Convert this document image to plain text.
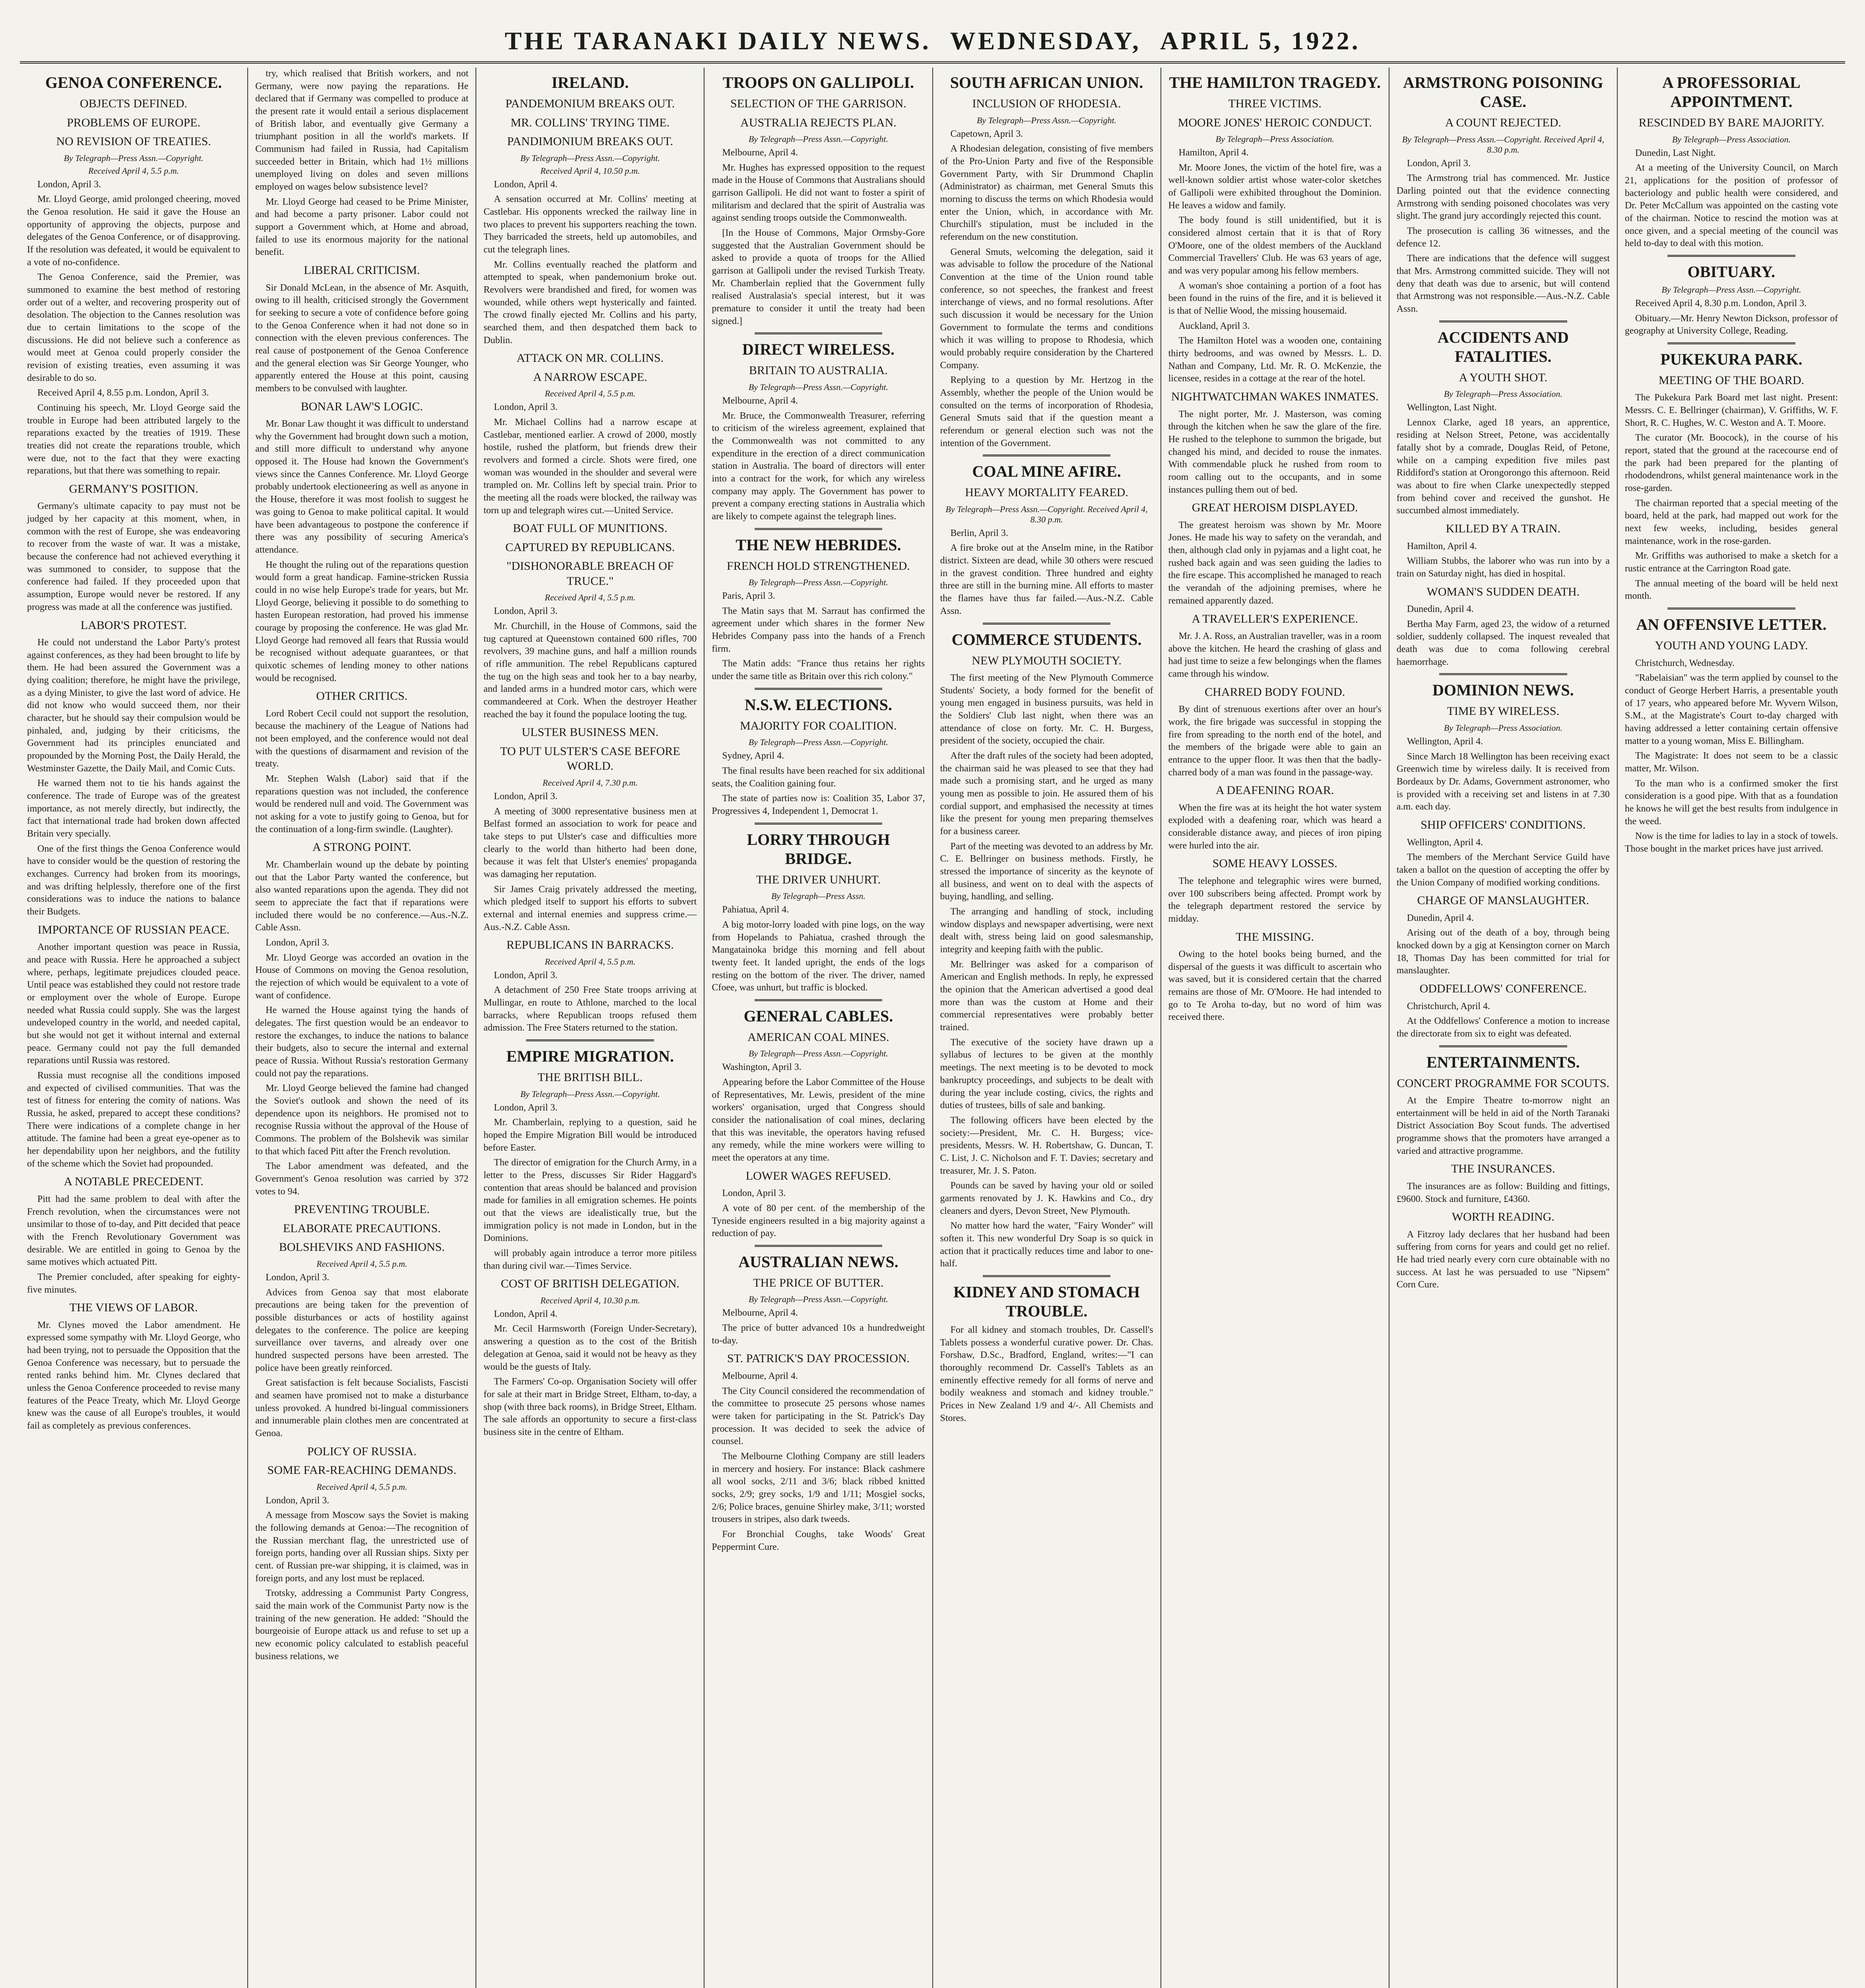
THE TARANAKI DAILY NEWS. WEDNESDAY, APRIL 5, 1922.
GENOA CONFERENCE.
OBJECTS DEFINED.
PROBLEMS OF EUROPE.
NO REVISION OF TREATIES.
By Telegraph—Press Assn.—Copyright.
Received April 4, 5.5 p.m.
London, April 3.
Mr. Lloyd George, amid prolonged cheering, moved the Genoa resolution. He said it gave the House an opportunity of approving the objects, purpose and delegates of the Genoa Conference, or of disapproving. If the resolution was defeated, it would be equivalent to a vote of no-confidence.
The Genoa Conference, said the Premier, was summoned to examine the best method of restoring order out of a welter, and recovering prosperity out of desolation. The objection to the Cannes resolution was due to certain limitations to the scope of the discussions. He did not believe such a conference as would meet at Genoa could properly consider the revision of existing treaties, even assuming it was desirable to do so.
Received April 4, 8.55 p.m. London, April 3.
Continuing his speech, Mr. Lloyd George said the trouble in Europe had been attributed largely to the reparations exacted by the treaties of 1919. These treaties did not create the reparations trouble, which were due, not to the fact that they were exacting reparations, but that there was something to repair.
GERMANY'S POSITION.
Germany's ultimate capacity to pay must not be judged by her capacity at this moment, when, in common with the rest of Europe, she was endeavoring to recover from the waste of war. It was a mistake, because the conference had not achieved everything it was summoned to consider, to suppose that the conference had failed. If they proceeded upon that assumption, Europe would never be restored. If any progress was made at all the conference was justified.
LABOR'S PROTEST.
He could not understand the Labor Party's protest against conferences, as they had been brought to life by them. He had been assured the Government was a dying coalition; therefore, he might have the privilege, as a dying Minister, to give the last word of advice. He did not know who would succeed them, nor their character, but he should say their compulsion would be pinhaled, and, judging by their criticisms, the Government had its principles enunciated and propounded by the Morning Post, the Daily Herald, the Westminster Gazette, the Daily Mail, and Comic Cuts.
He warned them not to tie his hands against the conference. The trade of Europe was of the greatest importance, as not merely directly, but indirectly, the fact that international trade had broken down affected Britain very specially.
One of the first things the Genoa Conference would have to consider would be the question of restoring the exchanges. Currency had broken from its moorings, and was drifting helplessly, therefore one of the first considerations was to induce the nations to balance their Budgets.
IMPORTANCE OF RUSSIAN PEACE.
Another important question was peace in Russia, and peace with Russia. Here he approached a subject where, perhaps, legitimate prejudices clouded peace. Until peace was established they could not restore trade or employment over the whole of Europe. Europe needed what Russia could supply. She was the largest undeveloped country in the world, and needed capital, but she would not get it without internal and external peace. Germany could not pay the full demanded reparations until Russia was restored.
Russia must recognise all the conditions imposed and expected of civilised communities. That was the test of fitness for entering the comity of nations. Was Russia, he asked, prepared to accept these conditions? There were indications of a complete change in her attitude. The famine had been a great eye-opener as to her dependability upon her neighbors, and the futility of the scheme which the Soviet had propounded.
A NOTABLE PRECEDENT.
Pitt had the same problem to deal with after the French revolution, when the circumstances were not unsimilar to those of to-day, and Pitt decided that peace with the French Revolutionary Government was desirable. We are entitled in going to Genoa by the same motives which actuated Pitt.
The Premier concluded, after speaking for eighty-five minutes.
THE VIEWS OF LABOR.
Mr. Clynes moved the Labor amendment. He expressed some sympathy with Mr. Lloyd George, who had been trying, not to persuade the Opposition that the Genoa Conference was necessary, but to persuade the rented ranks behind him. Mr. Clynes declared that unless the Genoa Conference proceeded to revise many features of the Peace Treaty, which Mr. Lloyd George knew was the cause of all Europe's troubles, it would fail as completely as previous conferences.
try, which realised that British workers, and not Germany, were now paying the reparations. He declared that if Germany was compelled to produce at the present rate it would entail a serious displacement of British labor, and eventually give Germany a triumphant position in all the world's markets. If Communism had failed in Russia, had Capitalism succeeded better in Britain, which had 1½ millions unemployed living on doles and seven millions employed on wages below subsistence level?
Mr. Lloyd George had ceased to be Prime Minister, and had become a party prisoner. Labor could not support a Government which, at Home and abroad, failed to use its enormous majority for the national benefit.
LIBERAL CRITICISM.
Sir Donald McLean, in the absence of Mr. Asquith, owing to ill health, criticised strongly the Government for seeking to secure a vote of confidence before going to the Genoa Conference when it had not done so in connection with the eleven previous conferences. The real cause of postponement of the Genoa Conference and the general election was Sir George Younger, who apparently entered the House at this point, causing members to be convulsed with laughter.
BONAR LAW'S LOGIC.
Mr. Bonar Law thought it was difficult to understand why the Government had brought down such a motion, and still more difficult to understand why anyone opposed it. The House had known the Government's views since the Cannes Conference. Mr. Lloyd George probably undertook electioneering as well as anyone in the House, therefore it was most foolish to suggest he was going to Genoa to make political capital. It would have been advantageous to postpone the conference if there was any possibility of securing America's attendance.
He thought the ruling out of the reparations question would form a great handicap. Famine-stricken Russia could in no wise help Europe's trade for years, but Mr. Lloyd George, believing it possible to do something to hasten European restoration, had proved his immense courage by proposing the conference. He was glad Mr. Lloyd George had removed all fears that Russia would be recognised without adequate guarantees, or that quixotic schemes of lending money to other nations would be recognised.
OTHER CRITICS.
Lord Robert Cecil could not support the resolution, because the machinery of the League of Nations had not been employed, and the conference would not deal with the questions of disarmament and revision of the treaty.
Mr. Stephen Walsh (Labor) said that if the reparations question was not included, the conference would be rendered null and void. The Government was not asking for a vote to justify going to Genoa, but for the continuation of a long-firm swindle. (Laughter).
A STRONG POINT.
Mr. Chamberlain wound up the debate by pointing out that the Labor Party wanted the conference, but also wanted reparations upon the agenda. They did not seem to appreciate the fact that if reparations were included there would be no conference.—Aus.-N.Z. Cable Assn.
London, April 3.
Mr. Lloyd George was accorded an ovation in the House of Commons on moving the Genoa resolution, the rejection of which would be equivalent to a vote of want of confidence.
He warned the House against tying the hands of delegates. The first question would be an endeavor to restore the exchanges, to induce the nations to balance their budgets, also to secure the internal and external peace of Russia. Without Russia's restoration Germany could not pay the reparations.
Mr. Lloyd George believed the famine had changed the Soviet's outlook and shown the need of its dependence upon its neighbors. He promised not to recognise Russia without the approval of the House of Commons. The problem of the Bolshevik was similar to that which faced Pitt after the French revolution.
The Labor amendment was defeated, and the Government's Genoa resolution was carried by 372 votes to 94.
PREVENTING TROUBLE.
ELABORATE PRECAUTIONS.
BOLSHEVIKS AND FASHIONS.
Received April 4, 5.5 p.m.
London, April 3.
Advices from Genoa say that most elaborate precautions are being taken for the prevention of possible disturbances or acts of hostility against delegates to the conference. The police are keeping surveillance over taverns, and already over one hundred suspected persons have been arrested. The police have been greatly reinforced.
Great satisfaction is felt because Socialists, Fascisti and seamen have promised not to make a disturbance unless provoked. A hundred bi-lingual commissioners and innumerable plain clothes men are concentrated at Genoa.
POLICY OF RUSSIA.
SOME FAR-REACHING DEMANDS.
Received April 4, 5.5 p.m.
London, April 3.
A message from Moscow says the Soviet is making the following demands at Genoa:—The recognition of the Russian merchant flag, the unrestricted use of foreign ports, handing over all Russian ships. Sixty per cent. of Russian pre-war shipping, it is claimed, was in foreign ports, and any lost must be replaced.
Trotsky, addressing a Communist Party Congress, said the main work of the Communist Party now is the training of the new generation. He added: "Should the bourgeoisie of Europe attack us and refuse to set up a new economic policy calculated to establish peaceful business relations, we
IRELAND.
PANDEMONIUM BREAKS OUT.
MR. COLLINS' TRYING TIME.
PANDIMONIUM BREAKS OUT.
By Telegraph—Press Assn.—Copyright.
Received April 4, 10.50 p.m.
London, April 4.
A sensation occurred at Mr. Collins' meeting at Castlebar. His opponents wrecked the railway line in two places to prevent his supporters reaching the town. They barricaded the streets, held up automobiles, and cut the telegraph lines.
Mr. Collins eventually reached the platform and attempted to speak, when pandemonium broke out. Revolvers were brandished and fired, for women was wounded, while others wept hysterically and fainted. The crowd finally ejected Mr. Collins and his party, searched them, and then despatched them back to Dublin.
ATTACK ON MR. COLLINS.
A NARROW ESCAPE.
Received April 4, 5.5 p.m.
London, April 3.
Mr. Michael Collins had a narrow escape at Castlebar, mentioned earlier. A crowd of 2000, mostly hostile, rushed the platform, but friends drew their revolvers and formed a circle. Shots were fired, one woman was wounded in the shoulder and several were trampled on. Mr. Collins left by special train. Prior to the meeting all the roads were blocked, the railway was torn up and telegraph wires cut.—United Service.
BOAT FULL OF MUNITIONS.
CAPTURED BY REPUBLICANS.
"DISHONORABLE BREACH OF TRUCE."
Received April 4, 5.5 p.m.
London, April 3.
Mr. Churchill, in the House of Commons, said the tug captured at Queenstown contained 600 rifles, 700 revolvers, 39 machine guns, and half a million rounds of rifle ammunition. The rebel Republicans captured the tug on the high seas and took her to a bay nearby, and landed arms in a hundred motor cars, which were commandeered at Cork. When the destroyer Heather reached the bay it found the populace looting the tug.
ULSTER BUSINESS MEN.
TO PUT ULSTER'S CASE BEFORE WORLD.
Received April 4, 7.30 p.m.
London, April 3.
A meeting of 3000 representative business men at Belfast formed an association to work for peace and take steps to put Ulster's case and difficulties more clearly to the world than hitherto had been done, because it was felt that Ulster's enemies' propaganda was damaging her reputation.
Sir James Craig privately addressed the meeting, which pledged itself to support his efforts to subvert external and internal enemies and suppress crime.—Aus.-N.Z. Cable Assn.
REPUBLICANS IN BARRACKS.
Received April 4, 5.5 p.m.
London, April 3.
A detachment of 250 Free State troops arriving at Mullingar, en route to Athlone, marched to the local barracks, where Republican troops refused them admission. The Free Staters returned to the station.
EMPIRE MIGRATION.
THE BRITISH BILL.
By Telegraph—Press Assn.—Copyright.
London, April 3.
Mr. Chamberlain, replying to a question, said he hoped the Empire Migration Bill would be introduced before Easter.
The director of emigration for the Church Army, in a letter to the Press, discusses Sir Rider Haggard's contention that areas should be balanced and provision made for families in all emigration schemes. He points out that the views are idealistically true, but the immigration policy is not made in London, but in the Dominions.
will probably again introduce a terror more pitiless than during civil war.—Times Service.
COST OF BRITISH DELEGATION.
Received April 4, 10.30 p.m.
London, April 4.
Mr. Cecil Harmsworth (Foreign Under-Secretary), answering a question as to the cost of the British delegation at Genoa, said it would not be heavy as they would be the guests of Italy.
The Farmers' Co-op. Organisation Society will offer for sale at their mart in Bridge Street, Eltham, to-day, a shop (with three back rooms), in Bridge Street, Eltham. The sale affords an opportunity to secure a first-class business site in the centre of Eltham.
TROOPS ON GALLIPOLI.
SELECTION OF THE GARRISON.
AUSTRALIA REJECTS PLAN.
By Telegraph—Press Assn.—Copyright.
Melbourne, April 4.
Mr. Hughes has expressed opposition to the request made in the House of Commons that Australians should garrison Gallipoli. He did not want to foster a spirit of militarism and declared that the spirit of Australia was against sending troops outside the Commonwealth.
[In the House of Commons, Major Ormsby-Gore suggested that the Australian Government should be asked to provide a quota of troops for the Allied garrison at Gallipoli under the revised Turkish Treaty. Mr. Chamberlain replied that the Government fully realised Australasia's special interest, but it was premature to consider it until the treaty had been signed.]
DIRECT WIRELESS.
BRITAIN TO AUSTRALIA.
By Telegraph—Press Assn.—Copyright.
Melbourne, April 4.
Mr. Bruce, the Commonwealth Treasurer, referring to criticism of the wireless agreement, explained that the Commonwealth was not committed to any expenditure in the erection of a direct communication station in Australia. The board of directors will enter into a contract for the work, for which any wireless company may apply. The Government has power to prevent a company erecting stations in Australia which are likely to compete against the telegraph lines.
THE NEW HEBRIDES.
FRENCH HOLD STRENGTHENED.
By Telegraph—Press Assn.—Copyright.
Paris, April 3.
The Matin says that M. Sarraut has confirmed the agreement under which shares in the former New Hebrides Company pass into the hands of a French firm.
The Matin adds: "France thus retains her rights under the same title as Britain over this rich colony."
N.S.W. ELECTIONS.
MAJORITY FOR COALITION.
By Telegraph—Press Assn.—Copyright.
Sydney, April 4.
The final results have been reached for six additional seats, the Coalition gaining four.
The state of parties now is: Coalition 35, Labor 37, Progressives 4, Independent 1, Democrat 1.
LORRY THROUGH BRIDGE.
THE DRIVER UNHURT.
By Telegraph—Press Assn.
Pahiatua, April 4.
A big motor-lorry loaded with pine logs, on the way from Hopelands to Pahiatua, crashed through the Mangatainoka bridge this morning and fell about twenty feet. It landed upright, the ends of the logs resting on the bottom of the river. The driver, named Cfoee, was unhurt, but traffic is blocked.
GENERAL CABLES.
AMERICAN COAL MINES.
By Telegraph—Press Assn.—Copyright.
Washington, April 3.
Appearing before the Labor Committee of the House of Representatives, Mr. Lewis, president of the mine workers' organisation, urged that Congress should consider the nationalisation of coal mines, declaring that this was inevitable, the operators having refused any remedy, while the mine workers were willing to meet the operators at any time.
LOWER WAGES REFUSED.
London, April 3.
A vote of 80 per cent. of the membership of the Tyneside engineers resulted in a big majority against a reduction of pay.
AUSTRALIAN NEWS.
THE PRICE OF BUTTER.
By Telegraph—Press Assn.—Copyright.
Melbourne, April 4.
The price of butter advanced 10s a hundredweight to-day.
ST. PATRICK'S DAY PROCESSION.
Melbourne, April 4.
The City Council considered the recommendation of the committee to prosecute 25 persons whose names were taken for participating in the St. Patrick's Day procession. It was decided to seek the advice of counsel.
The Melbourne Clothing Company are still leaders in mercery and hosiery. For instance: Black cashmere all wool socks, 2/11 and 3/6; black ribbed knitted socks, 2/9; grey socks, 1/9 and 1/11; Mosgiel socks, 2/6; Police braces, genuine Shirley make, 3/11; worsted trousers in stripes, also dark tweeds.
For Bronchial Coughs, take Woods' Great Peppermint Cure.
SOUTH AFRICAN UNION.
INCLUSION OF RHODESIA.
By Telegraph—Press Assn.—Copyright.
Capetown, April 3.
A Rhodesian delegation, consisting of five members of the Pro-Union Party and five of the Responsible Government Party, with Sir Drummond Chaplin (Administrator) as chairman, met General Smuts this morning to discuss the terms on which Rhodesia would enter the Union, which, in accordance with Mr. Churchill's stipulation, must be included in the referendum on the new constitution.
General Smuts, welcoming the delegation, said it was advisable to follow the procedure of the National Convention at the time of the Union round table conference, so not speeches, the frankest and freest interchange of views, and no formal resolutions. After such discussion it would be necessary for the Union Government to formulate the terms and conditions which it was willing to propose to Rhodesia, which would probably require consideration by the Chartered Company.
Replying to a question by Mr. Hertzog in the Assembly, whether the people of the Union would be consulted on the terms of incorporation of Rhodesia, General Smuts said that if the question meant a referendum or general election such was not the intention of the Government.
COAL MINE AFIRE.
HEAVY MORTALITY FEARED.
By Telegraph—Press Assn.—Copyright. Received April 4, 8.30 p.m.
Berlin, April 3.
A fire broke out at the Anselm mine, in the Ratibor district. Sixteen are dead, while 30 others were rescued in the gravest condition. Three hundred and eighty three are still in the burning mine. All efforts to master the flames have thus far failed.—Aus.-N.Z. Cable Assn.
COMMERCE STUDENTS.
NEW PLYMOUTH SOCIETY.
The first meeting of the New Plymouth Commerce Students' Society, a body formed for the benefit of young men engaged in business pursuits, was held in the Soldiers' Club last night, when there was an attendance of close on forty. Mr. C. H. Burgess, president of the society, occupied the chair.
After the draft rules of the society had been adopted, the chairman said he was pleased to see that they had made such a promising start, and he urged as many young men as possible to join. He assured them of his cordial support, and emphasised the necessity at times like the present for young men preparing themselves for a business career.
Part of the meeting was devoted to an address by Mr. C. E. Bellringer on business methods. Firstly, he stressed the importance of sincerity as the keynote of all business, and went on to deal with the aspects of buying, handling, and selling.
The arranging and handling of stock, including window displays and newspaper advertising, were next dealt with, stress being laid on good salesmanship, integrity and keeping faith with the public.
Mr. Bellringer was asked for a comparison of American and English methods. In reply, he expressed the opinion that the American advertised a good deal more than was the custom at Home and their commercial representatives were probably better trained.
The executive of the society have drawn up a syllabus of lectures to be given at the monthly meetings. The next meeting is to be devoted to mock bankruptcy proceedings, and subjects to be dealt with during the year include costing, civics, the rights and duties of trustees, bills of sale and banking.
The following officers have been elected by the society:—President, Mr. C. H. Burgess; vice-presidents, Messrs. W. H. Robertshaw, G. Duncan, T. C. List, J. C. Nicholson and F. T. Davies; secretary and treasurer, Mr. J. S. Paton.
Pounds can be saved by having your old or soiled garments renovated by J. K. Hawkins and Co., dry cleaners and dyers, Devon Street, New Plymouth.
No matter how hard the water, "Fairy Wonder" will soften it. This new wonderful Dry Soap is so quick in action that it practically reduces time and labor to one-half.
KIDNEY AND STOMACH TROUBLE.
For all kidney and stomach troubles, Dr. Cassell's Tablets possess a wonderful curative power. Dr. Chas. Forshaw, D.Sc., Bradford, England, writes:—"I can thoroughly recommend Dr. Cassell's Tablets as an eminently effective remedy for all forms of nerve and bodily weakness and stomach and kidney trouble." Prices in New Zealand 1/9 and 4/-. All Chemists and Stores.
THE HAMILTON TRAGEDY.
THREE VICTIMS.
MOORE JONES' HEROIC CONDUCT.
By Telegraph—Press Association.
Hamilton, April 4.
Mr. Moore Jones, the victim of the hotel fire, was a well-known soldier artist whose water-color sketches of Gallipoli were exhibited throughout the Dominion. He leaves a widow and family.
The body found is still unidentified, but it is considered almost certain that it is that of Rory O'Moore, one of the oldest members of the Auckland Commercial Travellers' Club. He was 63 years of age, and was very popular among his fellow members.
A woman's shoe containing a portion of a foot has been found in the ruins of the fire, and it is believed it is that of Nellie Wood, the missing housemaid.
Auckland, April 3.
The Hamilton Hotel was a wooden one, containing thirty bedrooms, and was owned by Messrs. L. D. Nathan and Company, Ltd. Mr. R. O. McKenzie, the licensee, resides in a cottage at the rear of the hotel.
NIGHTWATCHMAN WAKES INMATES.
The night porter, Mr. J. Masterson, was coming through the kitchen when he saw the glare of the fire. He rushed to the telephone to summon the brigade, but changed his mind, and decided to rouse the inmates. With commendable pluck he rushed from room to room calling out to the occupants, and in some instances pulling them out of bed.
GREAT HEROISM DISPLAYED.
The greatest heroism was shown by Mr. Moore Jones. He made his way to safety on the verandah, and then, although clad only in pyjamas and a light coat, he rushed back again and was seen guiding the ladies to the fire escape. This accomplished he managed to reach the verandah of the adjoining premises, where he remained apparently dazed.
A TRAVELLER'S EXPERIENCE.
Mr. J. A. Ross, an Australian traveller, was in a room above the kitchen. He heard the crashing of glass and had just time to seize a few belongings when the flames came through his window.
CHARRED BODY FOUND.
By dint of strenuous exertions after over an hour's work, the fire brigade was successful in stopping the fire from spreading to the north end of the hotel, and the members of the brigade were able to gain an entrance to the upper floor. It was then that the badly-charred body of a man was found in the passage-way.
A DEAFENING ROAR.
When the fire was at its height the hot water system exploded with a deafening roar, which was heard a considerable distance away, and pieces of iron piping were hurled into the air.
SOME HEAVY LOSSES.
The telephone and telegraphic wires were burned, over 100 subscribers being affected. Prompt work by the telegraph department restored the service by midday.
THE MISSING.
Owing to the hotel books being burned, and the dispersal of the guests it was difficult to ascertain who was saved, but it is considered certain that the charred remains are those of Mr. O'Moore. He had intended to go to Te Aroha to-day, but no word of him was received there.
ARMSTRONG POISONING CASE.
A COUNT REJECTED.
By Telegraph—Press Assn.—Copyright. Received April 4, 8.30 p.m.
London, April 3.
The Armstrong trial has commenced. Mr. Justice Darling pointed out that the evidence connecting Armstrong with sending poisoned chocolates was very slight. The grand jury accordingly rejected this count.
The prosecution is calling 36 witnesses, and the defence 12.
There are indications that the defence will suggest that Mrs. Armstrong committed suicide. They will not deny that death was due to arsenic, but will contend that Armstrong was not responsible.—Aus.-N.Z. Cable Assn.
ACCIDENTS AND FATALITIES.
A YOUTH SHOT.
By Telegraph—Press Association.
Wellington, Last Night.
Lennox Clarke, aged 18 years, an apprentice, residing at Nelson Street, Petone, was accidentally fatally shot by a comrade, Douglas Reid, of Petone, while on a camping expedition five miles past Riddiford's station at Orongorongo this afternoon. Reid was about to fire when Clarke unexpectedly stepped from behind cover and received the gunshot. He succumbed almost immediately.
KILLED BY A TRAIN.
Hamilton, April 4.
William Stubbs, the laborer who was run into by a train on Saturday night, has died in hospital.
WOMAN'S SUDDEN DEATH.
Dunedin, April 4.
Bertha May Farm, aged 23, the widow of a returned soldier, suddenly collapsed. The inquest revealed that death was due to coma following cerebral haemorrhage.
DOMINION NEWS.
TIME BY WIRELESS.
By Telegraph—Press Association.
Wellington, April 4.
Since March 18 Wellington has been receiving exact Greenwich time by wireless daily. It is received from Bordeaux by Dr. Adams, Government astronomer, who is provided with a receiving set and listens in at 7.30 a.m. each day.
SHIP OFFICERS' CONDITIONS.
Wellington, April 4.
The members of the Merchant Service Guild have taken a ballot on the question of accepting the offer by the Union Company of modified working conditions.
CHARGE OF MANSLAUGHTER.
Dunedin, April 4.
Arising out of the death of a boy, through being knocked down by a gig at Kensington corner on March 18, Thomas Day has been committed for trial for manslaughter.
ODDFELLOWS' CONFERENCE.
Christchurch, April 4.
At the Oddfellows' Conference a motion to increase the directorate from six to eight was defeated.
ENTERTAINMENTS.
CONCERT PROGRAMME FOR SCOUTS.
At the Empire Theatre to-morrow night an entertainment will be held in aid of the North Taranaki District Association Boy Scout funds. The advertised programme shows that the promoters have arranged a varied and attractive programme.
THE INSURANCES.
The insurances are as follow: Building and fittings, £9600. Stock and furniture, £4360.
WORTH READING.
A Fitzroy lady declares that her husband had been suffering from corns for years and could get no relief. He had tried nearly every corn cure obtainable with no success. At last he was persuaded to use "Nipsem" Corn Cure.
A PROFESSORIAL APPOINTMENT.
RESCINDED BY BARE MAJORITY.
By Telegraph—Press Association.
Dunedin, Last Night.
At a meeting of the University Council, on March 21, applications for the position of professor of bacteriology and public health were considered, and Dr. Peter McCallum was appointed on the casting vote of the chairman. Notice to rescind the motion was at once given, and a special meeting of the council was held to-day to deal with this motion.
OBITUARY.
By Telegraph—Press Assn.—Copyright.
Received April 4, 8.30 p.m. London, April 3.
Obituary.—Mr. Henry Newton Dickson, professor of geography at University College, Reading.
PUKEKURA PARK.
MEETING OF THE BOARD.
The Pukekura Park Board met last night. Present: Messrs. C. E. Bellringer (chairman), V. Griffiths, W. F. Short, R. C. Hughes, W. C. Weston and A. T. Moore.
The curator (Mr. Boocock), in the course of his report, stated that the ground at the racecourse end of the park had been prepared for the planting of rhododendrons, whilst general maintenance work in the rose-garden.
The chairman reported that a special meeting of the board, held at the park, had mapped out work for the next few weeks, including, besides general maintenance, work in the rose-garden.
Mr. Griffiths was authorised to make a sketch for a rustic entrance at the Carrington Road gate.
The annual meeting of the board will be held next month.
AN OFFENSIVE LETTER.
YOUTH AND YOUNG LADY.
Christchurch, Wednesday.
"Rabelaisian" was the term applied by counsel to the conduct of George Herbert Harris, a presentable youth of 17 years, who appeared before Mr. Wyvern Wilson, S.M., at the Magistrate's Court to-day charged with having addressed a letter containing certain offensive matter to a young woman, Miss E. Billingham.
The Magistrate: It does not seem to be a classic matter, Mr. Wilson.
To the man who is a confirmed smoker the first consideration is a good pipe. With that as a foundation he knows he will get the best results from indulgence in the weed.
Now is the time for ladies to lay in a stock of towels. Those bought in the market prices have just arrived.
